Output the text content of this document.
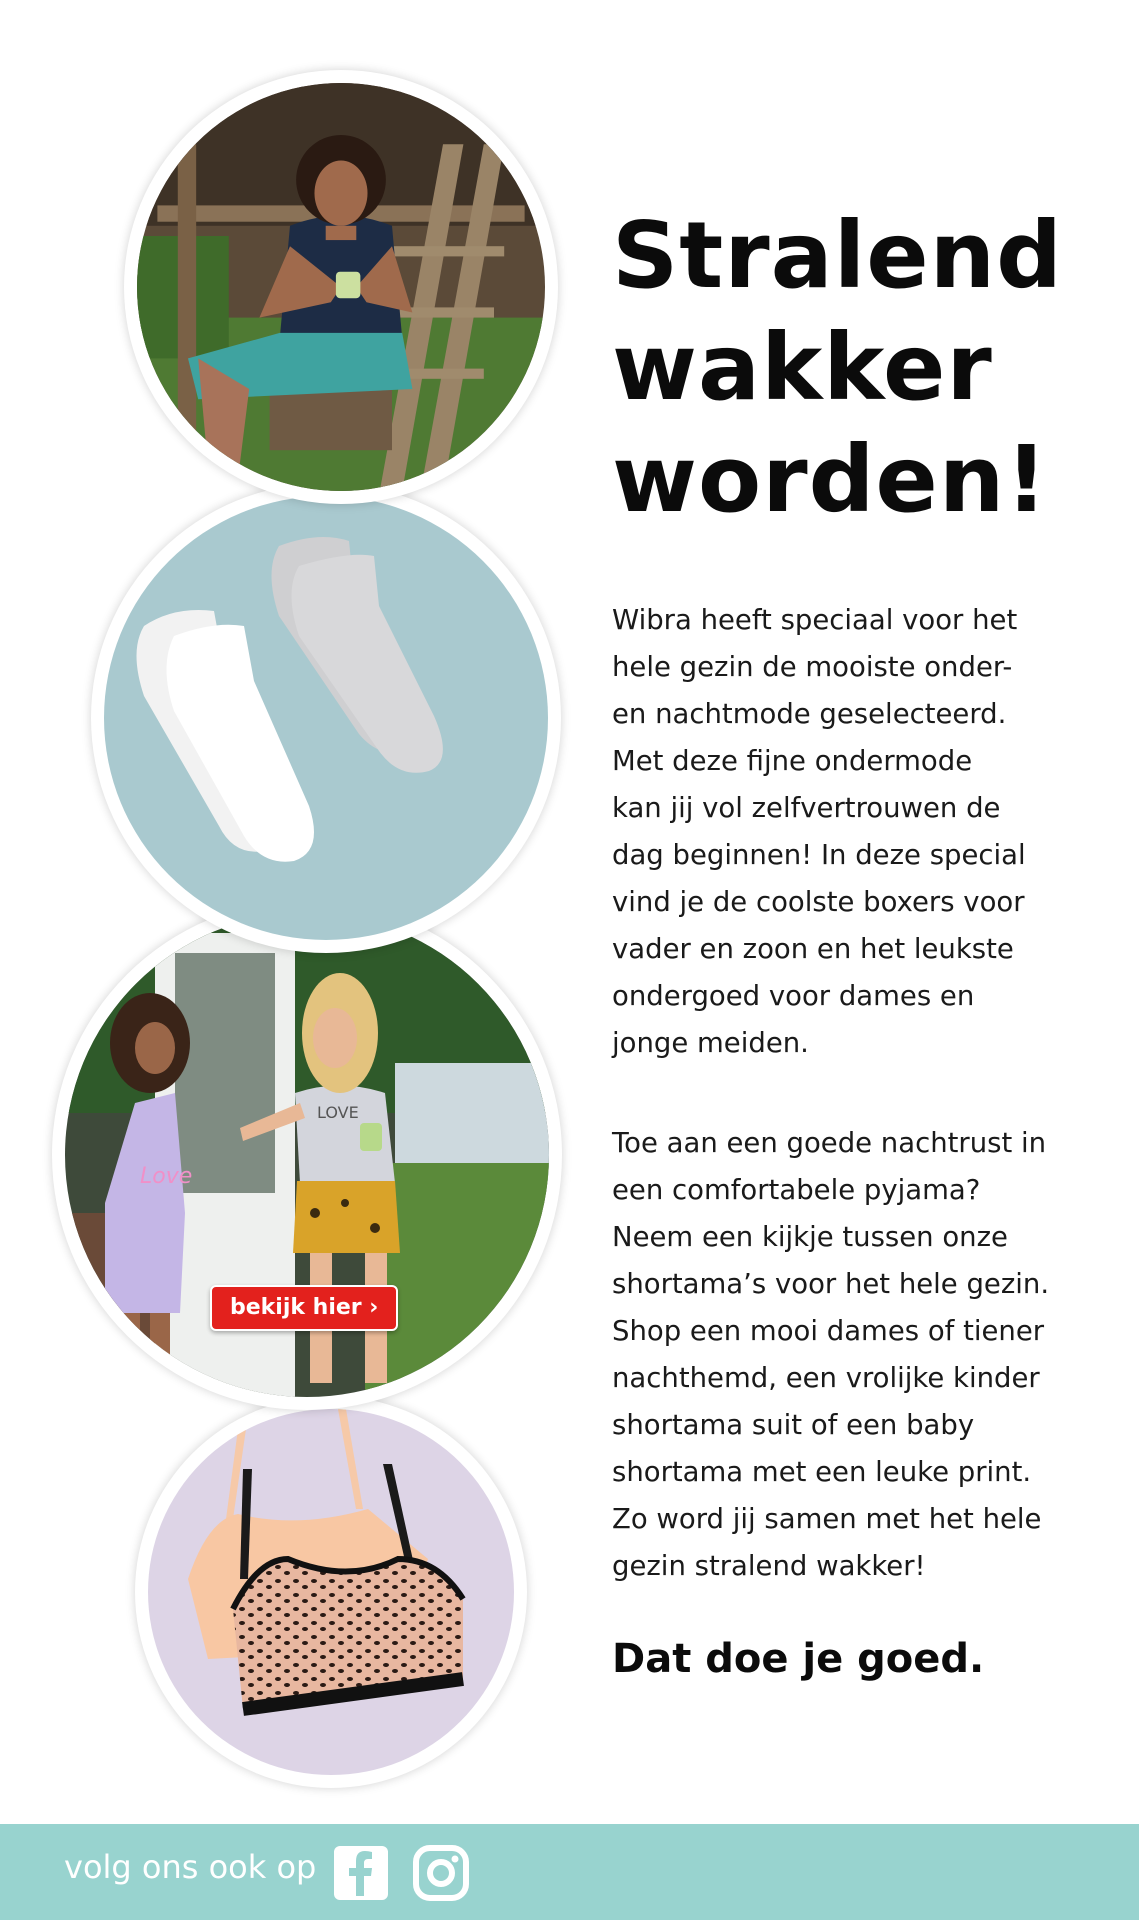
Love
LOVE
bekijk hier ›
Stralend
wakker
worden!
Wibra heeft speciaal voor het
hele gezin de mooiste onder-
en nachtmode geselecteerd.
Met deze fijne ondermode
kan jij vol zelfvertrouwen de
dag beginnen! In deze special
vind je de coolste boxers voor
vader en zoon en het leukste
ondergoed voor dames en
jonge meiden.
Toe aan een goede nachtrust in
een comfortabele pyjama?
Neem een kijkje tussen onze
shortama’s voor het hele gezin.
Shop een mooi dames of tiener
nachthemd, een vrolijke kinder
shortama suit of een baby
shortama met een leuke print.
Zo word jij samen met het hele
gezin stralend wakker!

Dat doe je goed.

volg ons ook op
